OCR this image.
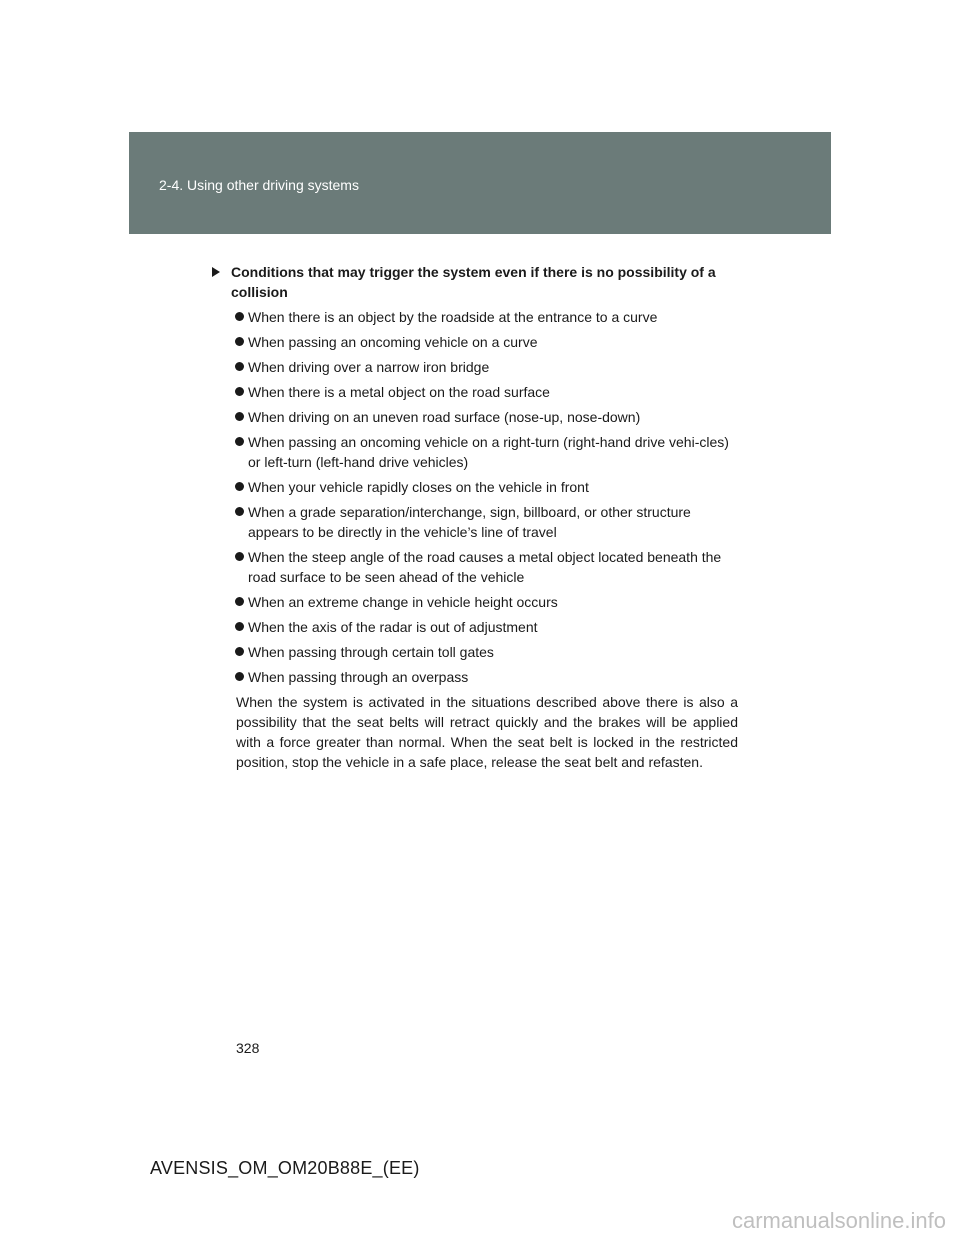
2-4. Using other driving systems
Conditions that may trigger the system even if there is no possibility of a collision
When there is an object by the roadside at the entrance to a curve
When passing an oncoming vehicle on a curve
When driving over a narrow iron bridge
When there is a metal object on the road surface
When driving on an uneven road surface (nose-up, nose-down)
When passing an oncoming vehicle on a right-turn (right-hand drive vehi-cles) or left-turn (left-hand drive vehicles)
When your vehicle rapidly closes on the vehicle in front
When a grade separation/interchange, sign, billboard, or other structure appears to be directly in the vehicle’s line of travel
When the steep angle of the road causes a metal object located beneath the road surface to be seen ahead of the vehicle
When an extreme change in vehicle height occurs
When the axis of the radar is out of adjustment
When passing through certain toll gates
When passing through an overpass
When the system is activated in the situations described above there is also a possibility that the seat belts will retract quickly and the brakes will be applied with a force greater than normal. When the seat belt is locked in the restricted position, stop the vehicle in a safe place, release the seat belt and refasten.
328
AVENSIS_OM_OM20B88E_(EE)
carmanualsonline.info
